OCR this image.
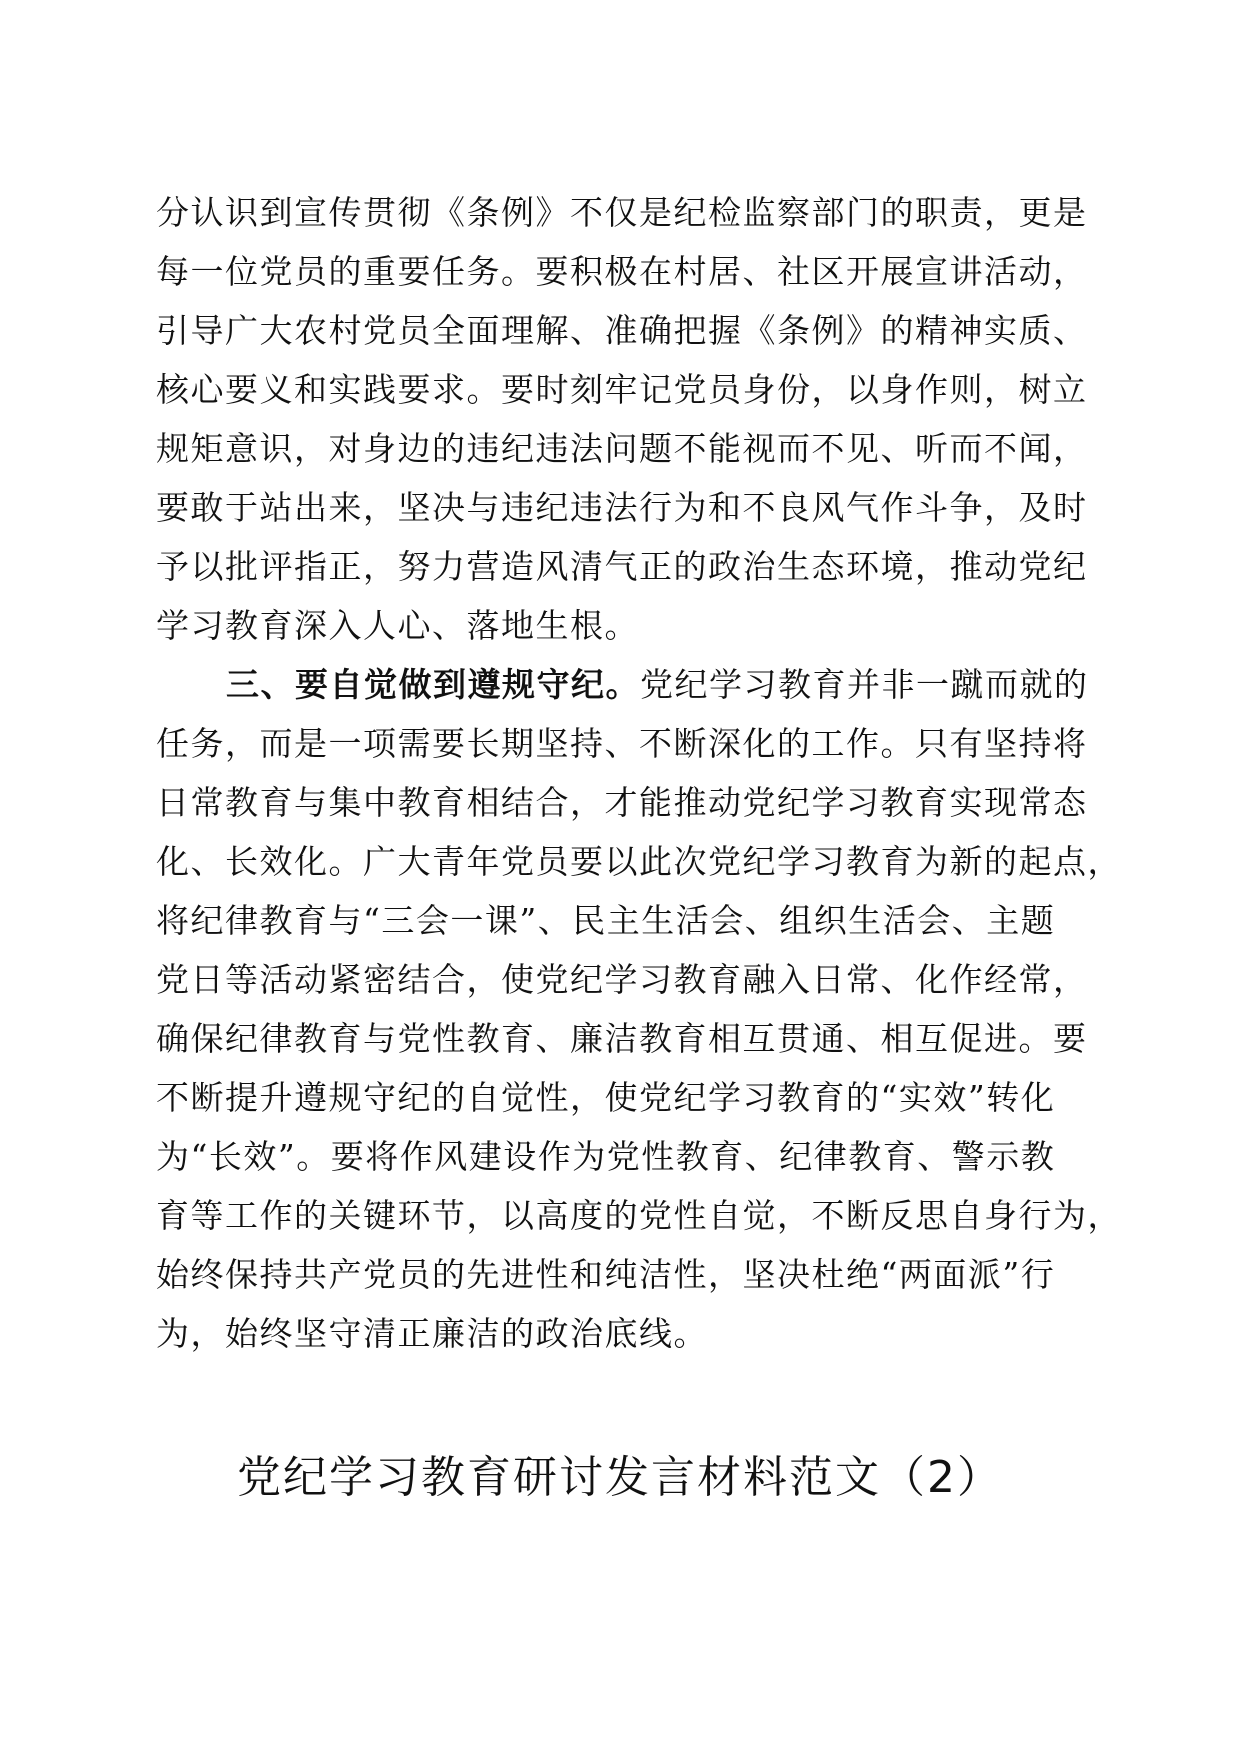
分认识到宣传贯彻《条例》不仅是纪检监察部门的职责，更是
每一位党员的重要任务。要积极在村居、社区开展宣讲活动，
引导广大农村党员全面理解、准确把握《条例》的精神实质、
核心要义和实践要求。要时刻牢记党员身份，以身作则，树立
规矩意识，对身边的违纪违法问题不能视而不见、听而不闻，
要敢于站出来，坚决与违纪违法行为和不良风气作斗争，及时
予以批评指正，努力营造风清气正的政治生态环境，推动党纪
学习教育深入人心、落地生根。
三、要自觉做到遵规守纪。党纪学习教育并非一蹴而就的
任务，而是一项需要长期坚持、不断深化的工作。只有坚持将
日常教育与集中教育相结合，才能推动党纪学习教育实现常态
化、长效化。广大青年党员要以此次党纪学习教育为新的起点，
将纪律教育与“三会一课”、民主生活会、组织生活会、主题
党日等活动紧密结合，使党纪学习教育融入日常、化作经常，
确保纪律教育与党性教育、廉洁教育相互贯通、相互促进。要
不断提升遵规守纪的自觉性，使党纪学习教育的“实效”转化
为“长效”。要将作风建设作为党性教育、纪律教育、警示教
育等工作的关键环节，以高度的党性自觉，不断反思自身行为，
始终保持共产党员的先进性和纯洁性，坚决杜绝“两面派”行
为，始终坚守清正廉洁的政治底线。
党纪学习教育研讨发言材料范文（2）
